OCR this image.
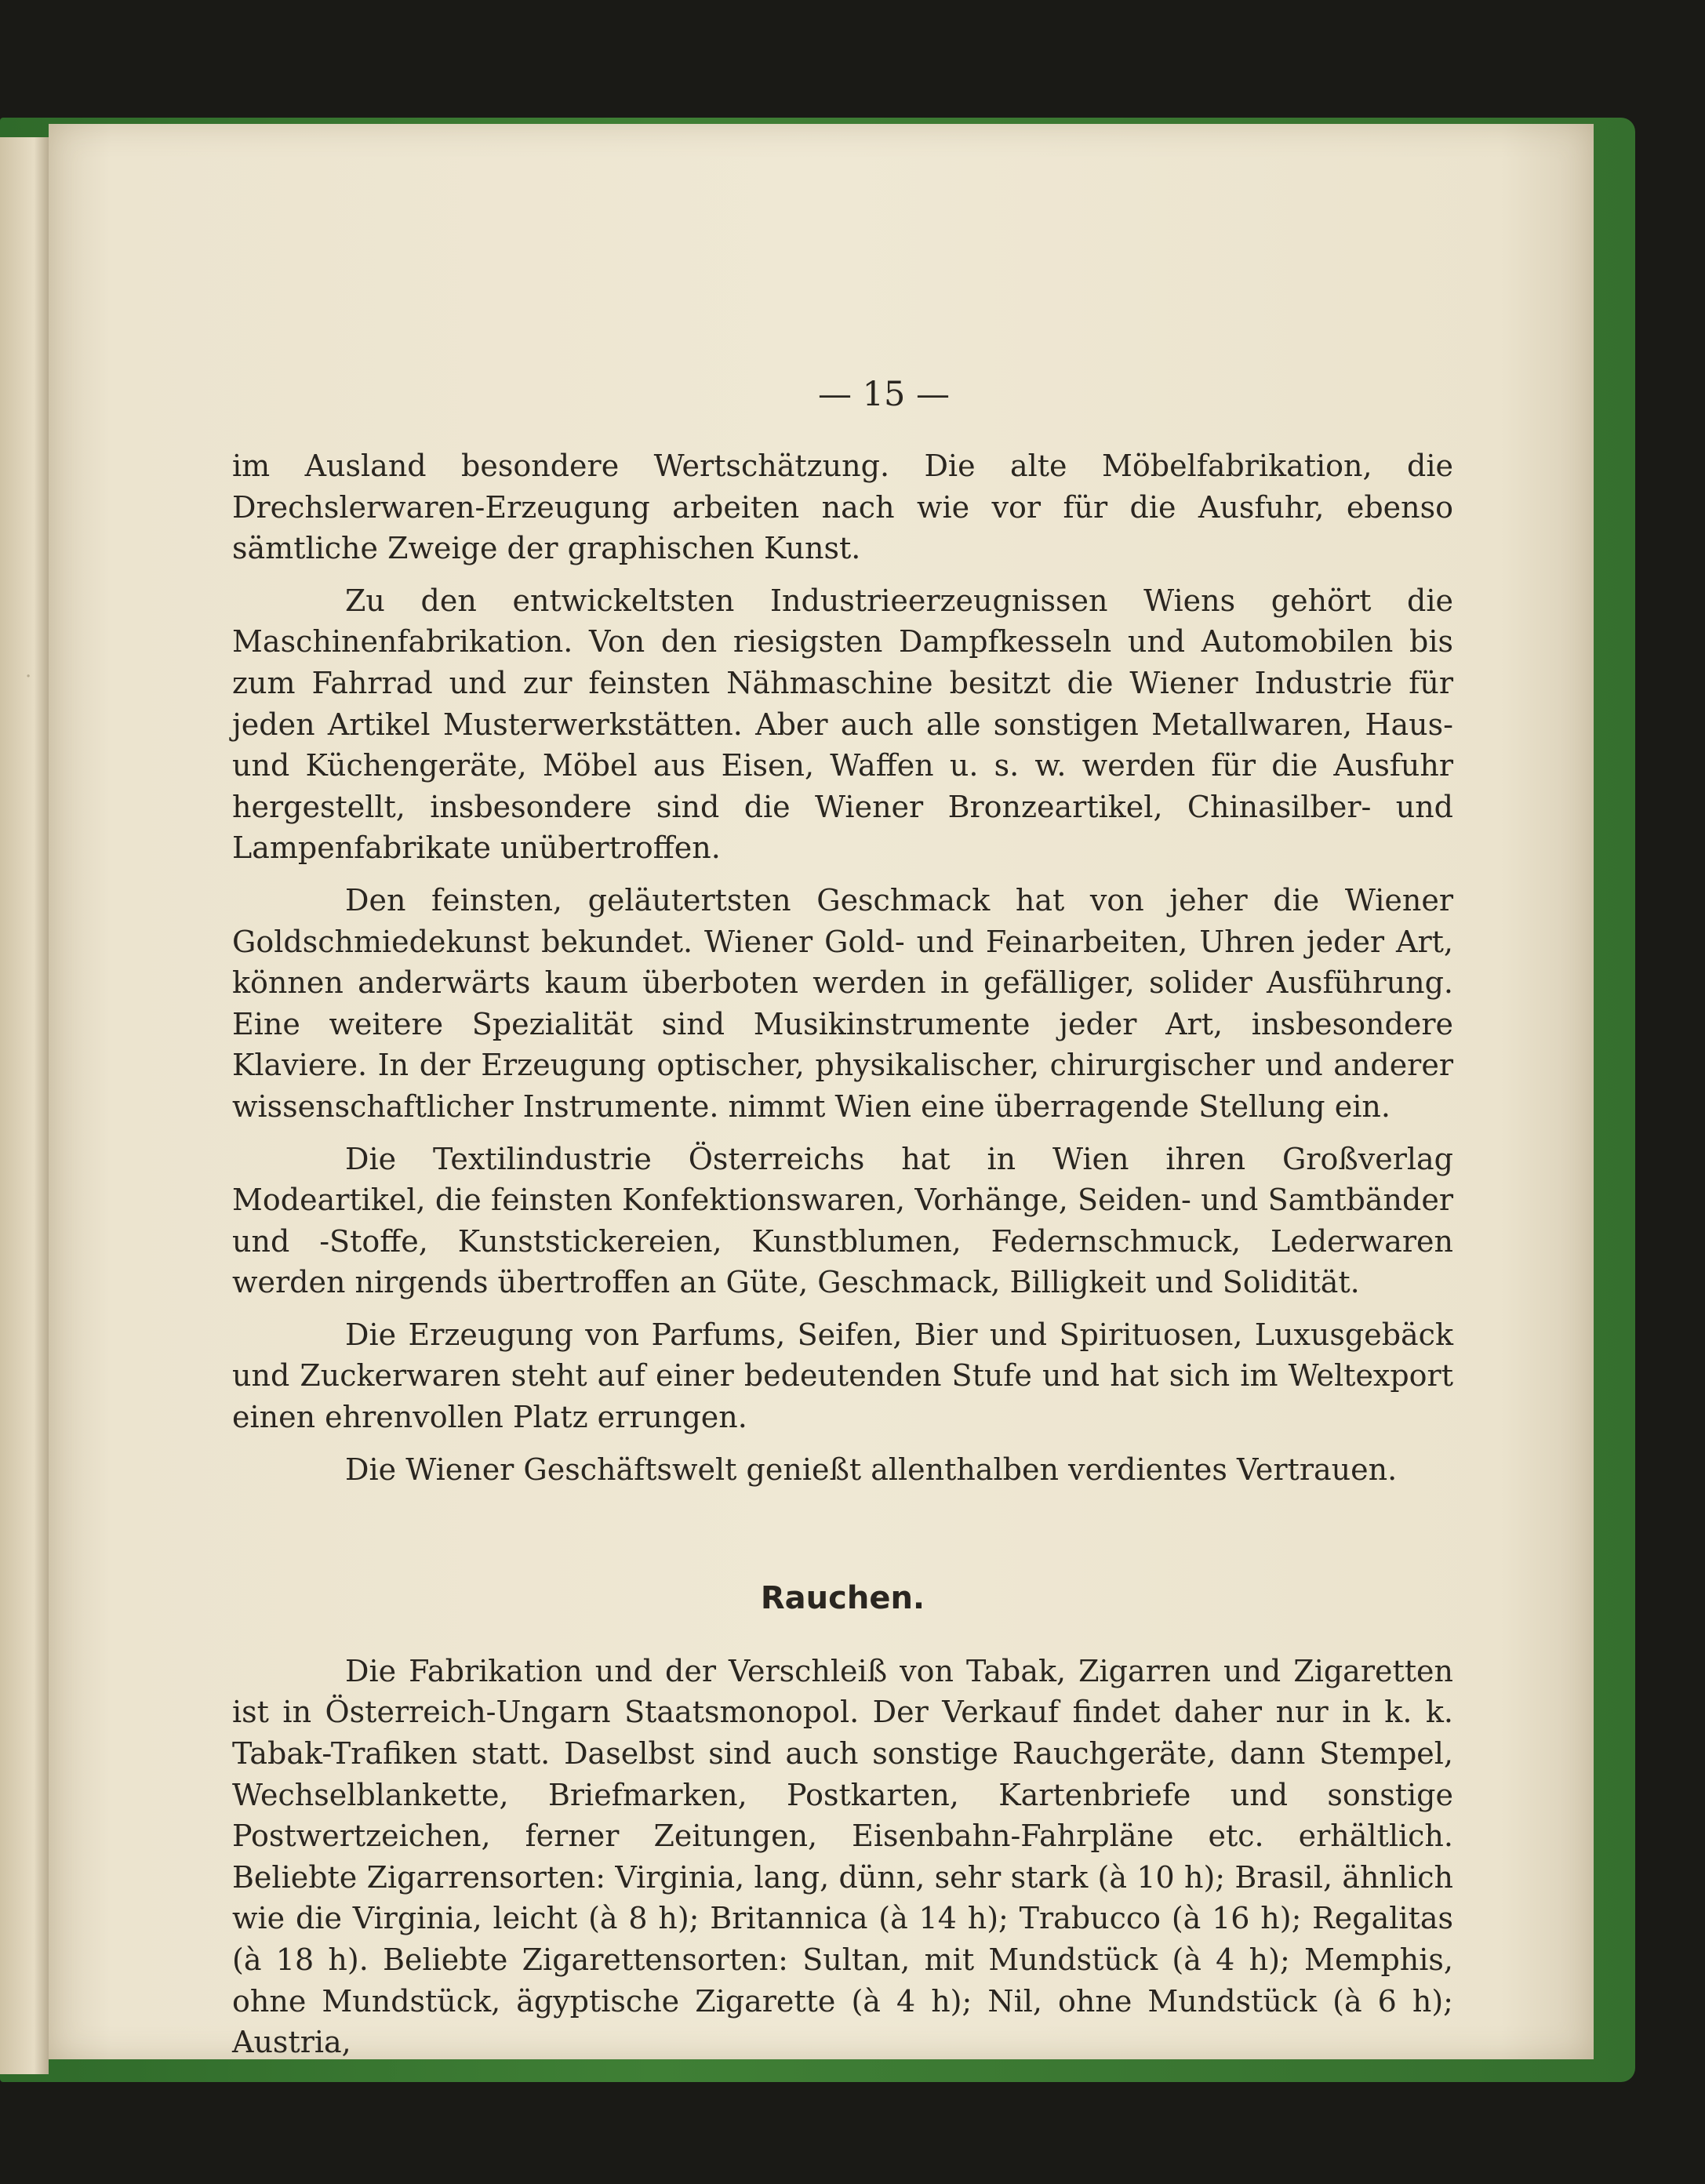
— 15 —
·

im Ausland besondere Wertschätzung. Die alte Möbelfabrikation, die Drechslerwaren-Erzeugung arbeiten nach wie vor für die Ausfuhr, ebenso sämtliche Zweige der graphischen Kunst.

Zu den entwickeltsten Industrieerzeugnissen Wiens gehört die Maschinenfabrikation. Von den riesigsten Dampfkesseln und Automobilen bis zum Fahrrad und zur feinsten Nähmaschine besitzt die Wiener Industrie für jeden Artikel Musterwerkstätten. Aber auch alle sonstigen Metallwaren, Haus- und Küchengeräte, Möbel aus Eisen, Waffen u. s. w. werden für die Ausfuhr hergestellt, insbesondere sind die Wiener Bronzeartikel, Chinasilber- und Lampenfabrikate unübertroffen.

Den feinsten, geläutertsten Geschmack hat von jeher die Wiener Goldschmiedekunst bekundet. Wiener Gold- und Feinarbeiten, Uhren jeder Art, können anderwärts kaum überboten werden in gefälliger, solider Ausführung. Eine weitere Spezialität sind Musikinstrumente jeder Art, insbesondere Klaviere. In der Erzeugung optischer, physikalischer, chirurgischer und anderer wissenschaftlicher Instrumente. nimmt Wien eine überragende Stellung ein.

Die Textilindustrie Österreichs hat in Wien ihren Großverlag Modeartikel, die feinsten Konfektionswaren, Vorhänge, Seiden- und Samtbänder und -Stoffe, Kunststickereien, Kunstblumen, Federnschmuck, Lederwaren werden nirgends übertroffen an Güte, Geschmack, Billigkeit und Solidität.

Die Erzeugung von Parfums, Seifen, Bier und Spirituosen, Luxusgebäck und Zuckerwaren steht auf einer bedeutenden Stufe und hat sich im Weltexport einen ehrenvollen Platz errungen.

Die Wiener Geschäftswelt genießt allenthalben verdientes Vertrauen.

Rauchen.

Die Fabrikation und der Verschleiß von Tabak, Zigarren und Zigaretten ist in Österreich-Ungarn Staatsmonopol. Der Verkauf findet daher nur in k. k. Tabak-Trafiken statt. Daselbst sind auch sonstige Rauchgeräte, dann Stempel, Wechselblankette, Briefmarken, Postkarten, Kartenbriefe und sonstige Postwertzeichen, ferner Zeitungen, Eisenbahn-Fahrpläne etc. erhältlich. Beliebte Zigarrensorten: Virginia, lang, dünn, sehr stark (à 10 h); Brasil, ähnlich wie die Virginia, leicht (à 8 h); Britannica (à 14 h); Trabucco (à 16 h); Regalitas (à 18 h). Beliebte Zigarettensorten: Sultan, mit Mundstück (à 4 h); Memphis, ohne Mundstück, ägyptische Zigarette (à 4 h); Nil, ohne Mundstück (à 6 h); Austria,
